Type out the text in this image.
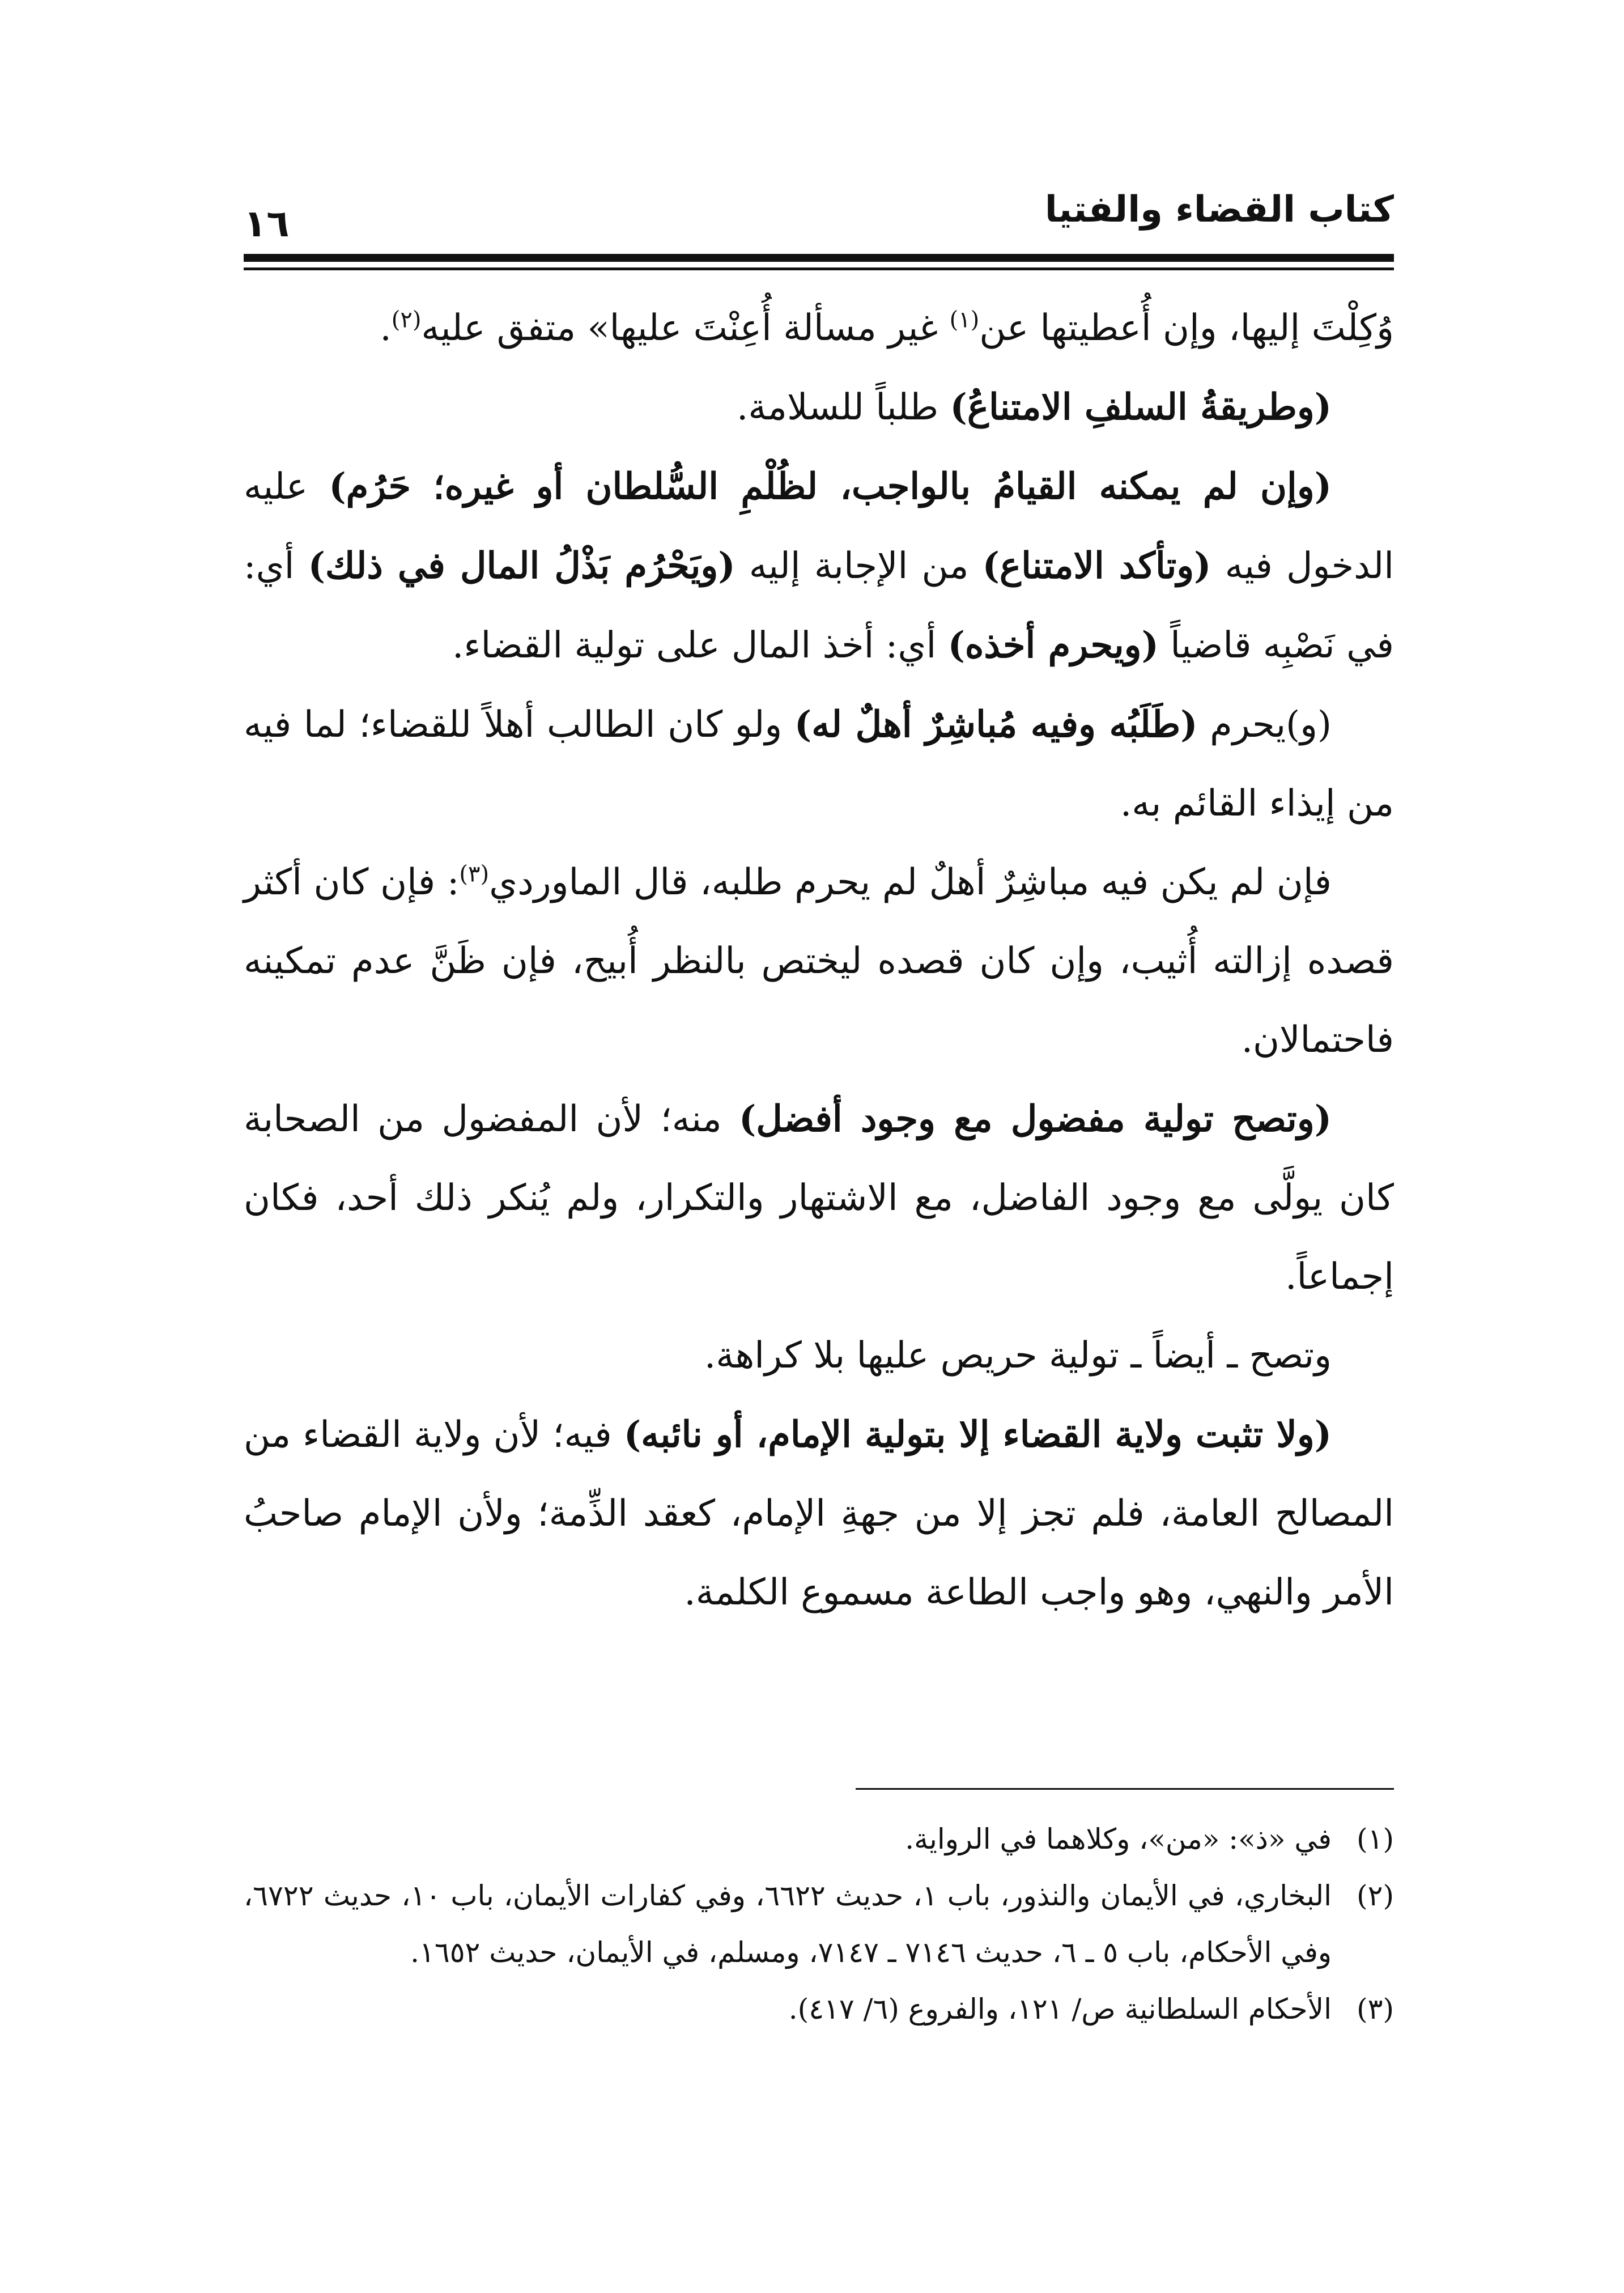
كتاب القضاء والفتيا
١٦

وُكِلْتَ إليها، وإن أُعطيتها عن$^{(١)}$ غير مسألة أُعِنْتَ عليها» متفق عليه$^{(٢)}$.

(وطريقةُ السلفِ الامتناعُ) طلباً للسلامة.

(وإن لم يمكنه القيامُ بالواجب، لظُلْمِ السُّلطان أو غيره؛ حَرُم) عليه الدخول فيه (وتأكد الامتناع) من الإجابة إليه (ويَحْرُم بَذْلُ المال في ذلك) أي: في نَصْبِه قاضياً (ويحرم أخذه) أي: أخذ المال على تولية القضاء.

(و)يحرم (طَلَبُه وفيه مُباشِرٌ أهلٌ له) ولو كان الطالب أهلاً للقضاء؛ لما فيه من إيذاء القائم به.

فإن لم يكن فيه مباشِرٌ أهلٌ لم يحرم طلبه، قال الماوردي$^{(٣)}$: فإن كان أكثر قصده إزالته أُثيب، وإن كان قصده ليختص بالنظر أُبيح، فإن ظَنَّ عدم تمكينه فاحتمالان.

(وتصح تولية مفضول مع وجود أفضل) منه؛ لأن المفضول من الصحابة كان يولَّى مع وجود الفاضل، مع الاشتهار والتكرار، ولم يُنكر ذلك أحد، فكان إجماعاً.

وتصح ـ أيضاً ـ تولية حريص عليها بلا كراهة.

(ولا تثبت ولاية القضاء إلا بتولية الإمام، أو نائبه) فيه؛ لأن ولاية القضاء من المصالح العامة، فلم تجز إلا من جهةِ الإمام، كعقد الذِّمة؛ ولأن الإمام صاحبُ الأمر والنهي، وهو واجب الطاعة مسموع الكلمة.

(١)في «ذ»: «من»، وكلاهما في الرواية.

(٢)البخاري، في الأيمان والنذور، باب ١، حديث ٦٦٢٢، وفي كفارات الأيمان، باب ١٠، حديث ٦٧٢٢، وفي الأحكام، باب ٥ ـ ٦، حديث ٧١٤٦ ـ ٧١٤٧، ومسلم، في الأيمان، حديث ١٦٥٢.

(٣)الأحكام السلطانية ص/ ١٢١، والفروع (٦/ ٤١٧).
